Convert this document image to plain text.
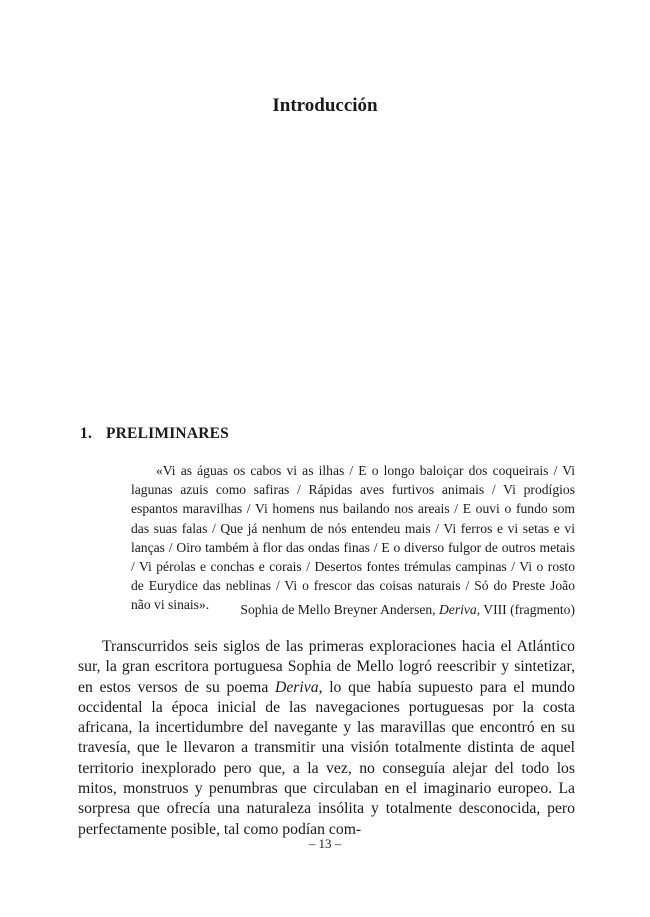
Introducción
1. PRELIMINARES

«Vi as águas os cabos vi as ilhas / E o longo baloiçar dos coqueirais / Vi lagunas azuis como safiras / Rápidas aves furtivos animais / Vi prodígios espantos maravilhas / Vi homens nus bailando nos areais / E ouvi o fundo som das suas falas / Que já nenhum de nós entendeu mais / Vi ferros e vi setas e vi lanças / Oiro também à flor das ondas finas / E o diverso fulgor de outros metais / Vi pérolas e conchas e corais / Desertos fontes trémulas campinas / Vi o rosto de Eurydice das neblinas / Vi o frescor das coisas naturais / Só do Preste João não vi sinais».	Sophia de Mello Breyner Andersen, Deriva, VIII (fragmento)

Transcurridos seis siglos de las primeras exploraciones hacia el Atlántico sur, la gran escritora portuguesa Sophia de Mello logró reescribir y sintetizar, en estos versos de su poema Deriva, lo que había supuesto para el mundo occidental la época inicial de las navegaciones portuguesas por la costa africana, la incertidumbre del navegante y las maravillas que encontró en su travesía, que le llevaron a transmitir una visión totalmente distinta de aquel territorio inexplorado pero que, a la vez, no conseguía alejar del todo los mitos, monstruos y penumbras que circulaban en el imaginario europeo. La sorpresa que ofrecía una naturaleza insólita y totalmente desconocida, pero perfectamente posible, tal como podían com-

– 13 –
